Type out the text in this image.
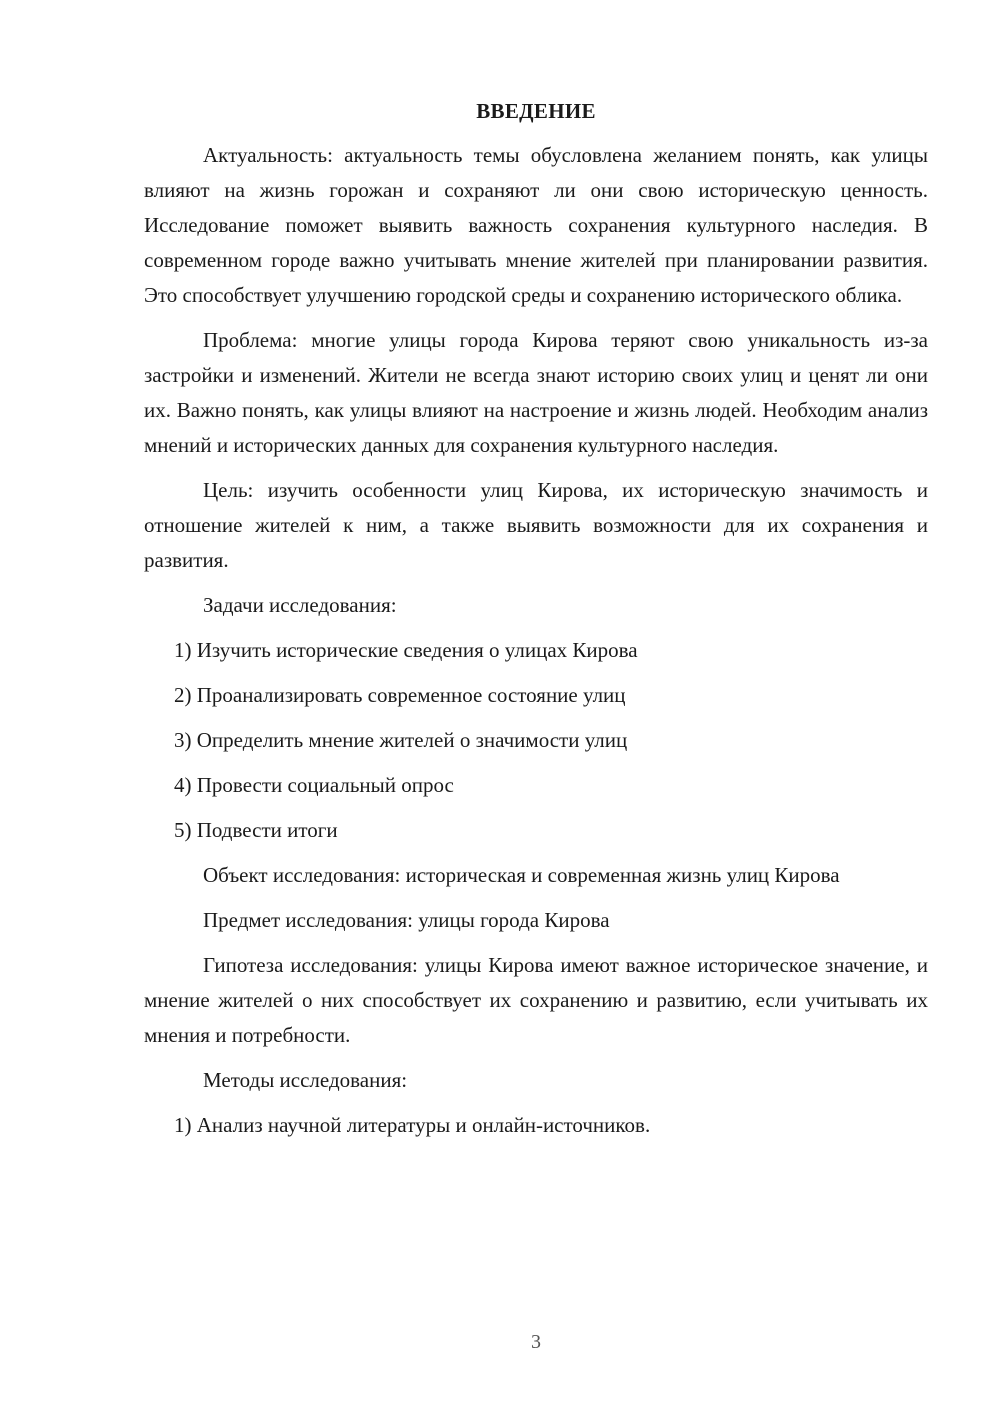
ВВЕДЕНИЕ

Актуальность: актуальность темы обусловлена желанием понять, как улицы влияют на жизнь горожан и сохраняют ли они свою историческую ценность. Исследование поможет выявить важность сохранения культурного наследия. В современном городе важно учитывать мнение жителей при планировании развития. Это способствует улучшению городской среды и сохранению исторического облика.

Проблема: многие улицы города Кирова теряют свою уникальность из-за застройки и изменений. Жители не всегда знают историю своих улиц и ценят ли они их. Важно понять, как улицы влияют на настроение и жизнь людей. Необходим анализ мнений и исторических данных для сохранения культурного наследия.

Цель: изучить особенности улиц Кирова, их историческую значимость и отношение жителей к ним, а также выявить возможности для их сохранения и развития.

Задачи исследования:

1) Изучить исторические сведения о улицах Кирова
2) Проанализировать современное состояние улиц
3) Определить мнение жителей о значимости улиц
4) Провести социальный опрос
5) Подвести итоги

Объект исследования: историческая и современная жизнь улиц Кирова

Предмет исследования: улицы города Кирова

Гипотеза исследования: улицы Кирова имеют важное историческое значение, и мнение жителей о них способствует их сохранению и развитию, если учитывать их мнения и потребности.

Методы исследования:

1) Анализ научной литературы и онлайн-источников.
3
